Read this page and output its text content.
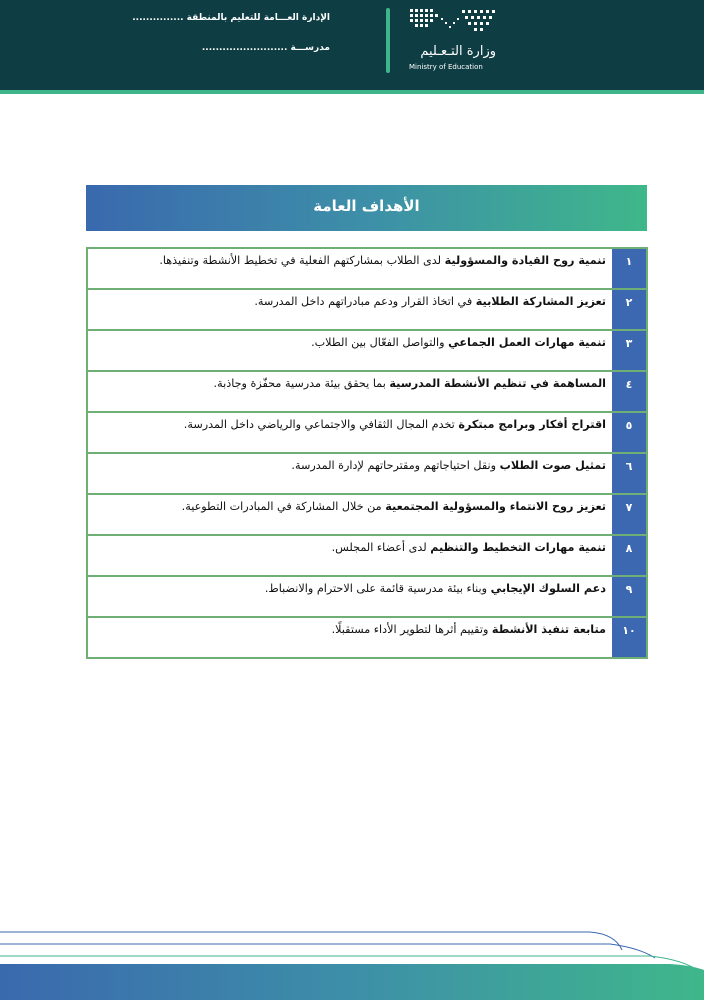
الإدارة العـــامة للتعليم بالمنطقة ...............
مدرســـة .........................	وزارة التـعـليم
Ministry of Education
الأهداف العامة
١	تنمية روح القيادة والمسؤولية لدى الطلاب بمشاركتهم الفعلية في تخطيط الأنشطة وتنفيذها.
٢	تعزيز المشاركة الطلابية في اتخاذ القرار ودعم مبادراتهم داخل المدرسة.
٣	تنمية مهارات العمل الجماعي والتواصل الفعّال بين الطلاب.
٤	المساهمة في تنظيم الأنشطة المدرسية بما يحقق بيئة مدرسية محفّزة وجاذبة.
٥	اقتراح أفكار وبرامج مبتكرة تخدم المجال الثقافي والاجتماعي والرياضي داخل المدرسة.
٦	تمثيل صوت الطلاب ونقل احتياجاتهم ومقترحاتهم لإدارة المدرسة.
٧	تعزيز روح الانتماء والمسؤولية المجتمعية من خلال المشاركة في المبادرات التطوعية.
٨	تنمية مهارات التخطيط والتنظيم لدى أعضاء المجلس.
٩	دعم السلوك الإيجابي وبناء بيئة مدرسية قائمة على الاحترام والانضباط.
١٠	متابعة تنفيذ الأنشطة وتقييم أثرها لتطوير الأداء مستقبلًا.
